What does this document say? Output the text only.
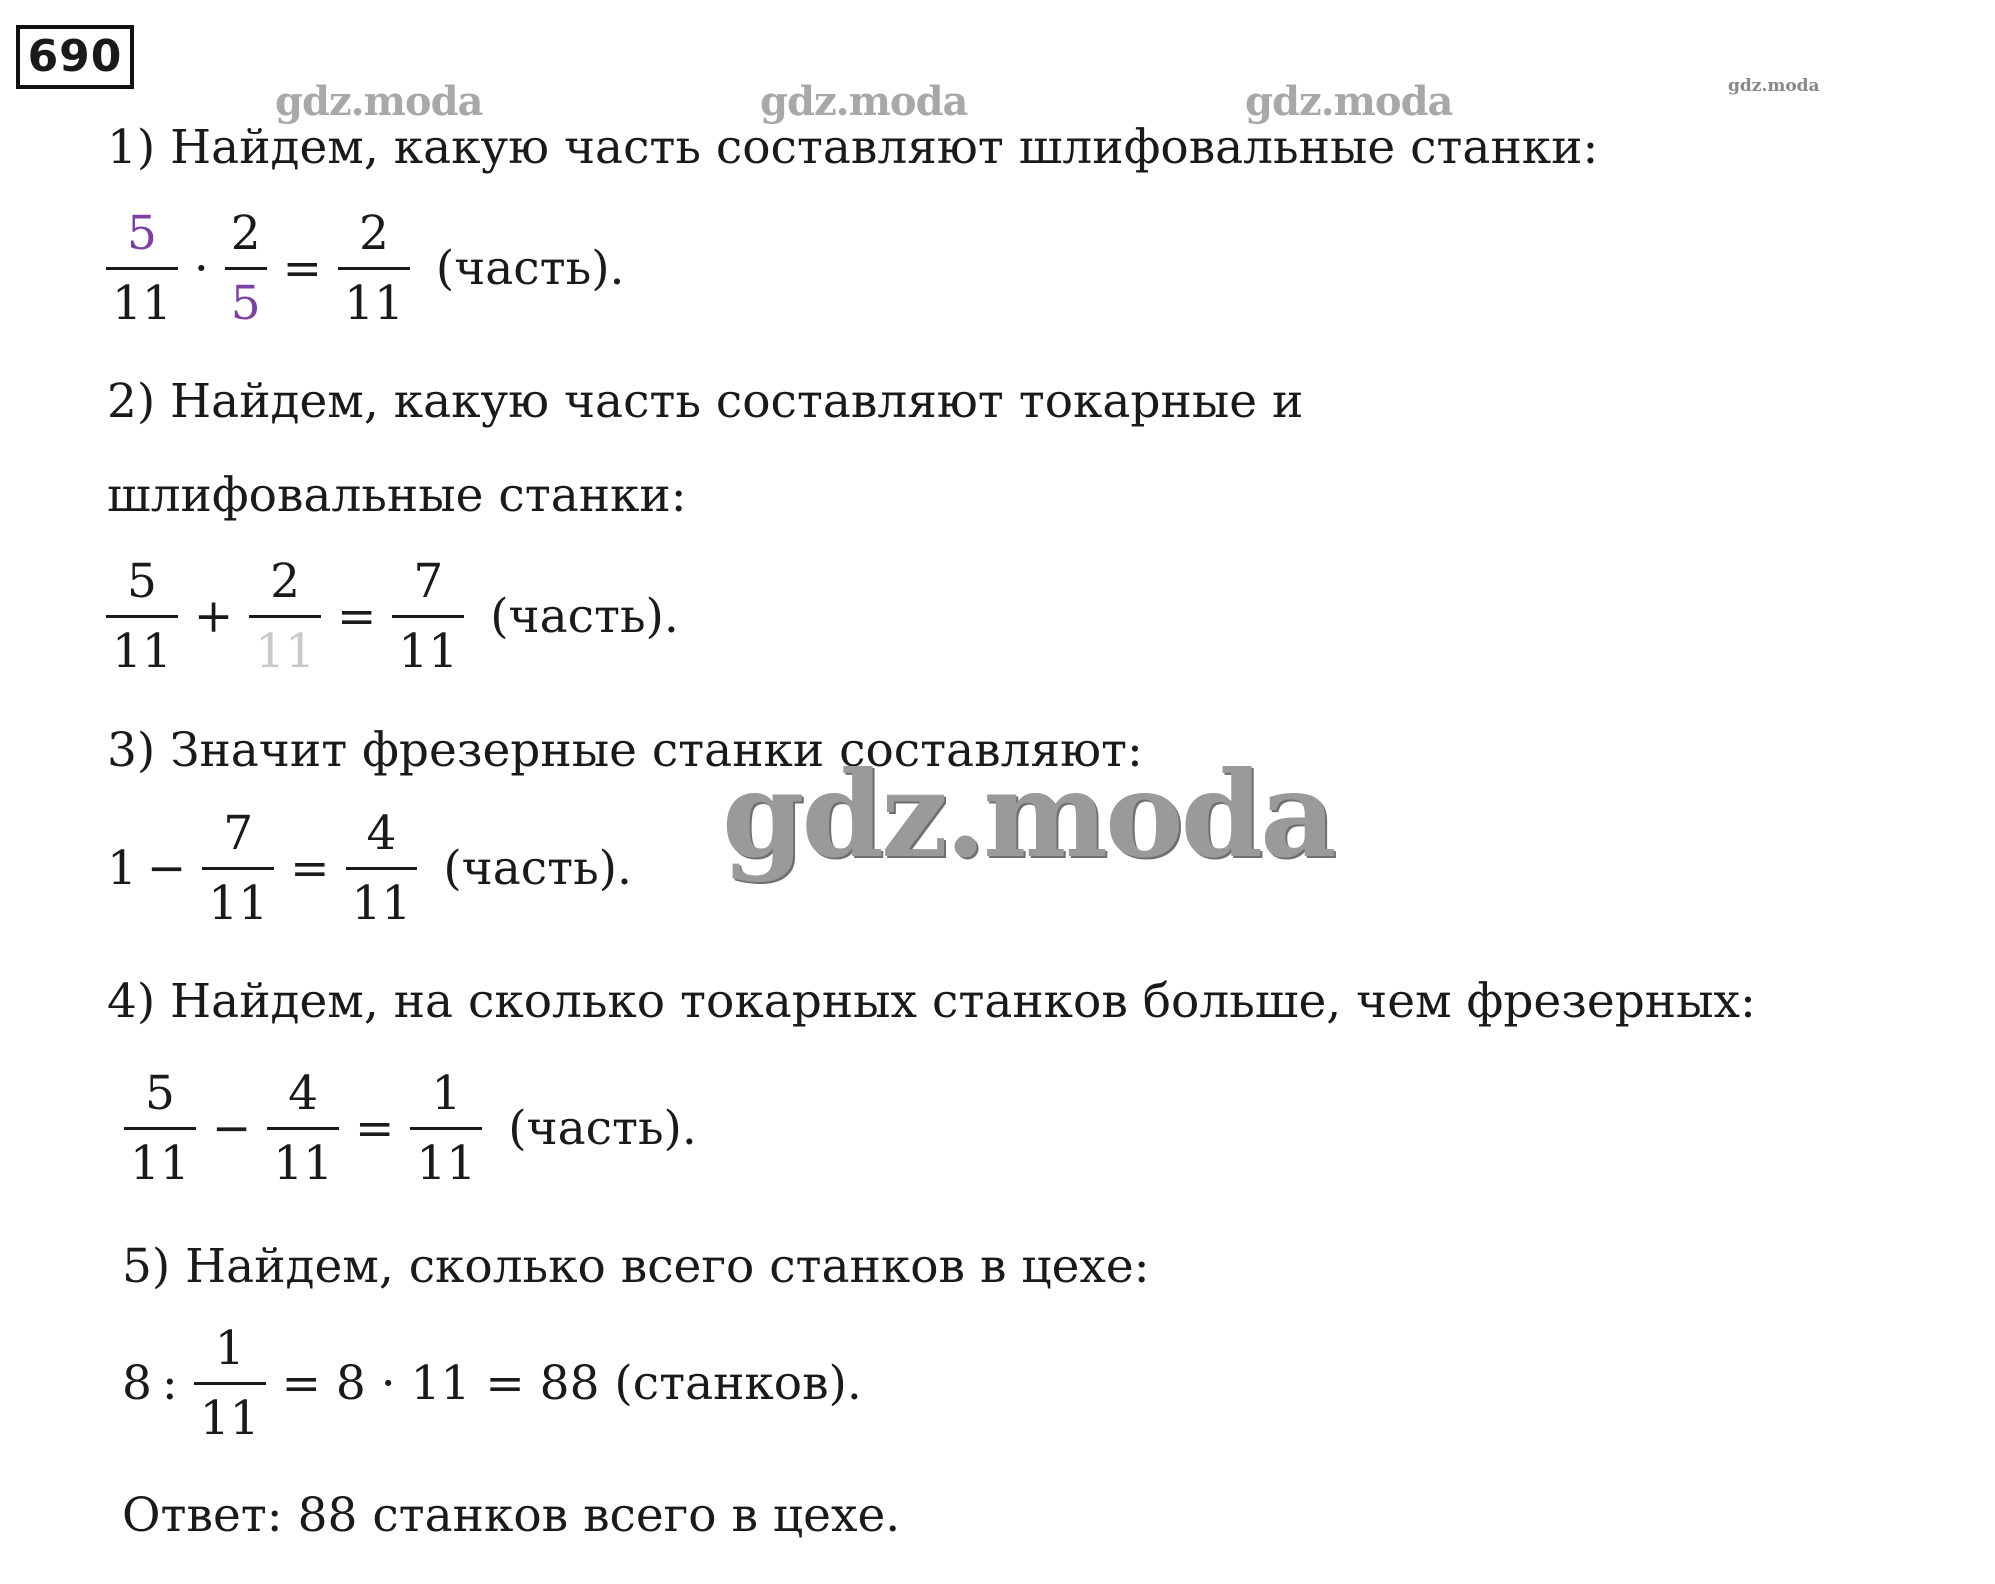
690
gdz.moda	gdz.moda	gdz.moda	gdz.moda
1) Найдем, какую часть составляют шлифовальные станки:
$\frac{5}{11} \cdot \frac{2}{5} = \frac{2}{11}$ (часть).
2) Найдем, какую часть составляют токарные и
шлифовальные станки:
$\frac{5}{11} + \frac{2}{11} = \frac{7}{11}$ (часть).
3) Значит фрезерные станки составляют:
$1 - \frac{7}{11} = \frac{4}{11}$ (часть). gdz.moda
4) Найдем, на сколько токарных станков больше, чем фрезерных:
$\frac{5}{11} - \frac{4}{11} = \frac{1}{11}$ (часть).
5) Найдем, сколько всего станков в цехе:
8 : $\frac{1}{11} = 8 \cdot 11 = 88$ (станков).
Ответ: 88 станков всего в цехе.
